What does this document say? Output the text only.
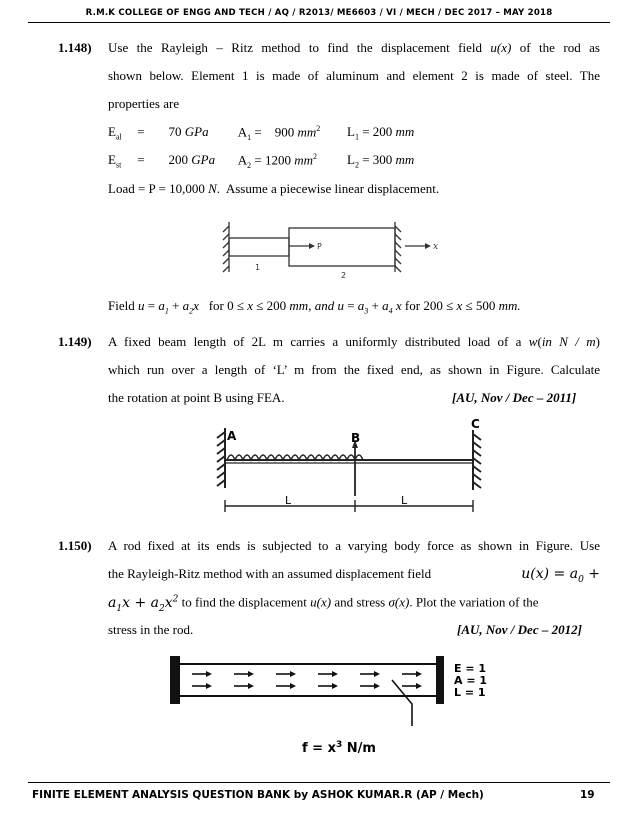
R.M.K COLLEGE OF ENGG AND TECH / AQ / R2013/ ME6603 / VI / MECH / DEC 2017 – MAY 2018
1.148) Use the Rayleigh – Ritz method to find the displacement field u(x) of the rod as
shown below. Element 1 is made of aluminum and element 2 is made of steel. The
properties are
$E_{al} = 70$ GPa $A_1$ =    900 $mm^2$ $L_1 = 200$ mm
$E_{st} = 200$ GPa $A_2 = 1200$ $mm^2$ $L_2 = 300$ mm
Load = P = 10,000 N.  Assume a piecewise linear displacement.
P	x
1
2
Field $u = a_1 + a_2x$   for 0 ≤ x ≤ 200 mm, and $u = a_3 + a_4$ x for 200 ≤ x ≤ 500 mm.
1.149) A fixed beam length of 2L m carries a uniformly distributed load of a w(in N / m)
which run over a length of ‘L’ m from the fixed end, as shown in Figure. Calculate
the rotation at point B using FEA.	[AU, Nov / Dec – 2011]
A	B
C
L	L
1.150) A rod fixed at its ends is subjected to a varying body force as shown in Figure. Use
the Rayleigh-Ritz method with an assumed displacement field	$u(x) = a_0$ +
$a_1x + a_2x^2$ to find the displacement u(x) and stress σ(x). Plot the variation of the
stress in the rod.	[AU, Nov / Dec – 2012]
E = 1
A = 1
L = 1
$f = x^3$ N/m
FINITE ELEMENT ANALYSIS QUESTION BANK by ASHOK KUMAR.R (AP / Mech)	19
